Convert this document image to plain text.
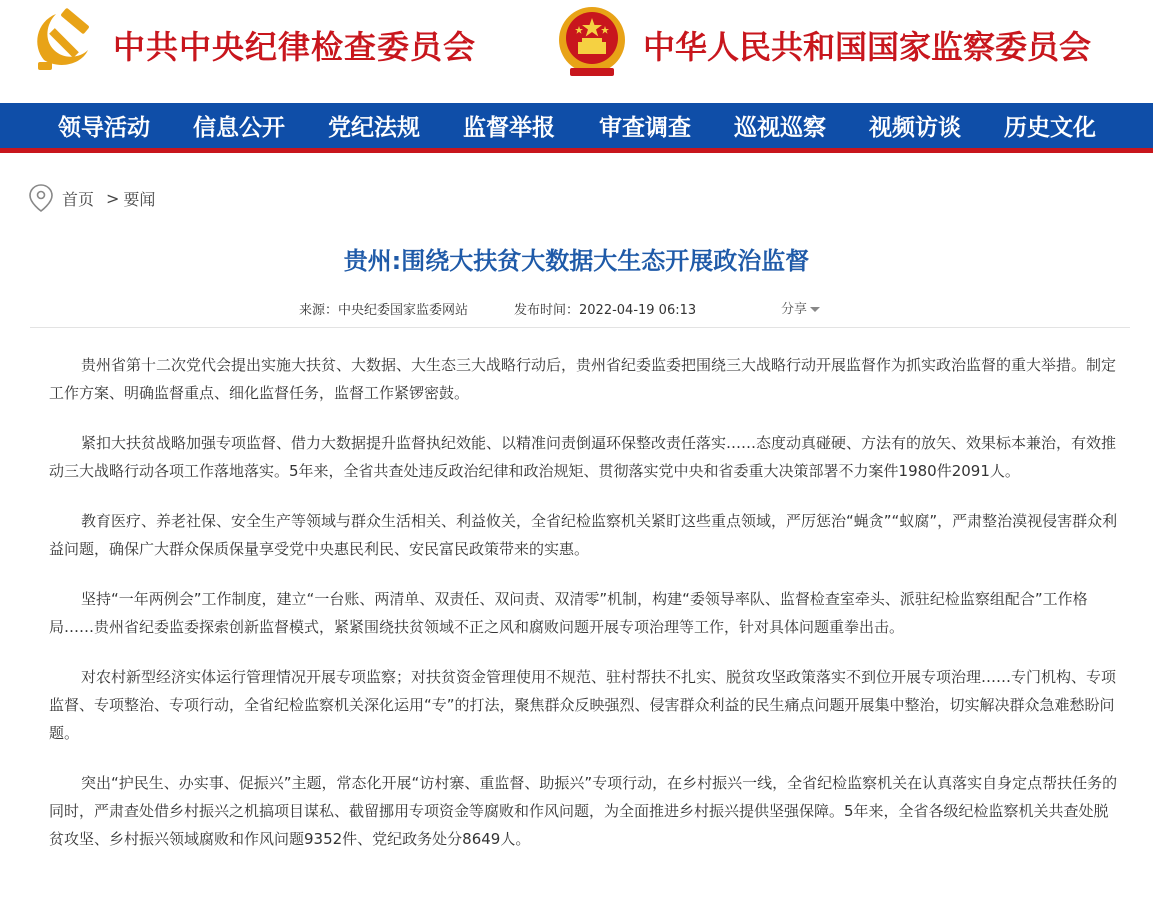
中共中央纪律检查委员会	中华人民共和国国家监察委员会
领导活动 信息公开 党纪法规 监督举报 审查调查 巡视巡察 视频访谈 历史文化
首页 > 要闻
贵州:围绕大扶贫大数据大生态开展政治监督
来源：中央纪委国家监委网站	发布时间：2022-04-19 06:13	分享

贵州省第十二次党代会提出实施大扶贫、大数据、大生态三大战略行动后，贵州省纪委监委把围绕三大战略行动开展监督作为抓实政治监督的重大举措。制定工作方案、明确监督重点、细化监督任务，监督工作紧锣密鼓。

紧扣大扶贫战略加强专项监督、借力大数据提升监督执纪效能、以精准问责倒逼环保整改责任落实……态度动真碰硬、方法有的放矢、效果标本兼治，有效推动三大战略行动各项工作落地落实。5年来，全省共查处违反政治纪律和政治规矩、贯彻落实党中央和省委重大决策部署不力案件1980件2091人。

教育医疗、养老社保、安全生产等领域与群众生活相关、利益攸关，全省纪检监察机关紧盯这些重点领域，严厉惩治“蝇贪”“蚁腐”，严肃整治漠视侵害群众利益问题，确保广大群众保质保量享受党中央惠民利民、安民富民政策带来的实惠。

坚持“一年两例会”工作制度，建立“一台账、两清单、双责任、双问责、双清零”机制，构建“委领导率队、监督检查室牵头、派驻纪检监察组配合”工作格局……贵州省纪委监委探索创新监督模式，紧紧围绕扶贫领域不正之风和腐败问题开展专项治理等工作，针对具体问题重拳出击。

对农村新型经济实体运行管理情况开展专项监察；对扶贫资金管理使用不规范、驻村帮扶不扎实、脱贫攻坚政策落实不到位开展专项治理……专门机构、专项监督、专项整治、专项行动，全省纪检监察机关深化运用“专”的打法，聚焦群众反映强烈、侵害群众利益的民生痛点问题开展集中整治，切实解决群众急难愁盼问题。

突出“护民生、办实事、促振兴”主题，常态化开展“访村寨、重监督、助振兴”专项行动，在乡村振兴一线，全省纪检监察机关在认真落实自身定点帮扶任务的同时，严肃查处借乡村振兴之机搞项目谋私、截留挪用专项资金等腐败和作风问题，为全面推进乡村振兴提供坚强保障。5年来，全省各级纪检监察机关共查处脱贫攻坚、乡村振兴领域腐败和作风问题9352件、党纪政务处分8649人。
